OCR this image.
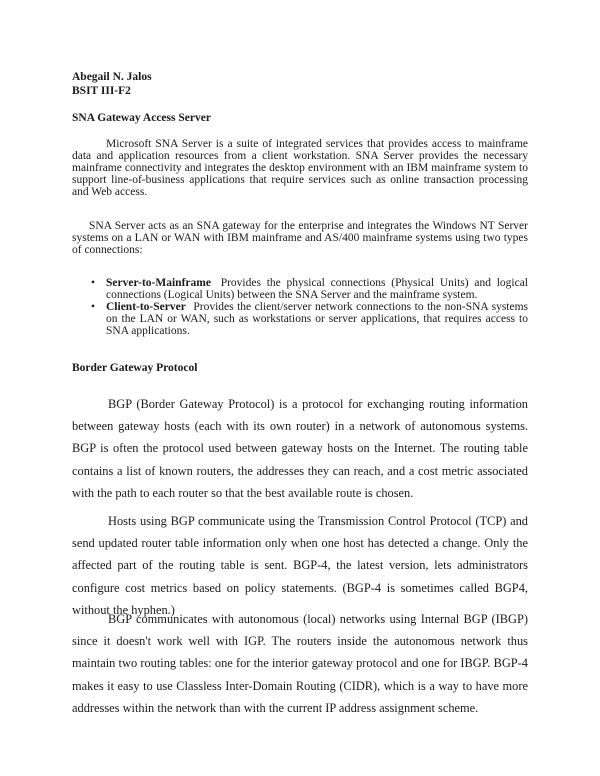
Abegail N. Jalos

BSIT III-F2

SNA Gateway Access Server

Microsoft SNA Server is a suite of integrated services that provides access to mainframe data and application resources from a client workstation. SNA Server provides the necessary mainframe connectivity and integrates the desktop environment with an IBM mainframe system to support line-of-business applications that require services such as online transaction processing and Web access.

SNA Server acts as an SNA gateway for the enterprise and integrates the Windows NT Server systems on a LAN or WAN with IBM mainframe and AS/400 mainframe systems using two types of connections:

• Server-to-Mainframe Provides the physical connections (Physical Units) and logical connections (Logical Units) between the SNA Server and the mainframe system.
• Client-to-Server Provides the client/server network connections to the non-SNA systems on the LAN or WAN, such as workstations or server applications, that requires access to SNA applications.

Border Gateway Protocol

BGP (Border Gateway Protocol) is a protocol for exchanging routing information between gateway hosts (each with its own router) in a network of autonomous systems. BGP is often the protocol used between gateway hosts on the Internet. The routing table contains a list of known routers, the addresses they can reach, and a cost metric associated with the path to each router so that the best available route is chosen.

Hosts using BGP communicate using the Transmission Control Protocol (TCP) and send updated router table information only when one host has detected a change. Only the affected part of the routing table is sent. BGP-4, the latest version, lets administrators configure cost metrics based on policy statements. (BGP-4 is sometimes called BGP4, without the hyphen.)

BGP communicates with autonomous (local) networks using Internal BGP (IBGP) since it doesn't work well with IGP. The routers inside the autonomous network thus maintain two routing tables: one for the interior gateway protocol and one for IBGP. BGP-4 makes it easy to use Classless Inter-Domain Routing (CIDR), which is a way to have more addresses within the network than with the current IP address assignment scheme.
